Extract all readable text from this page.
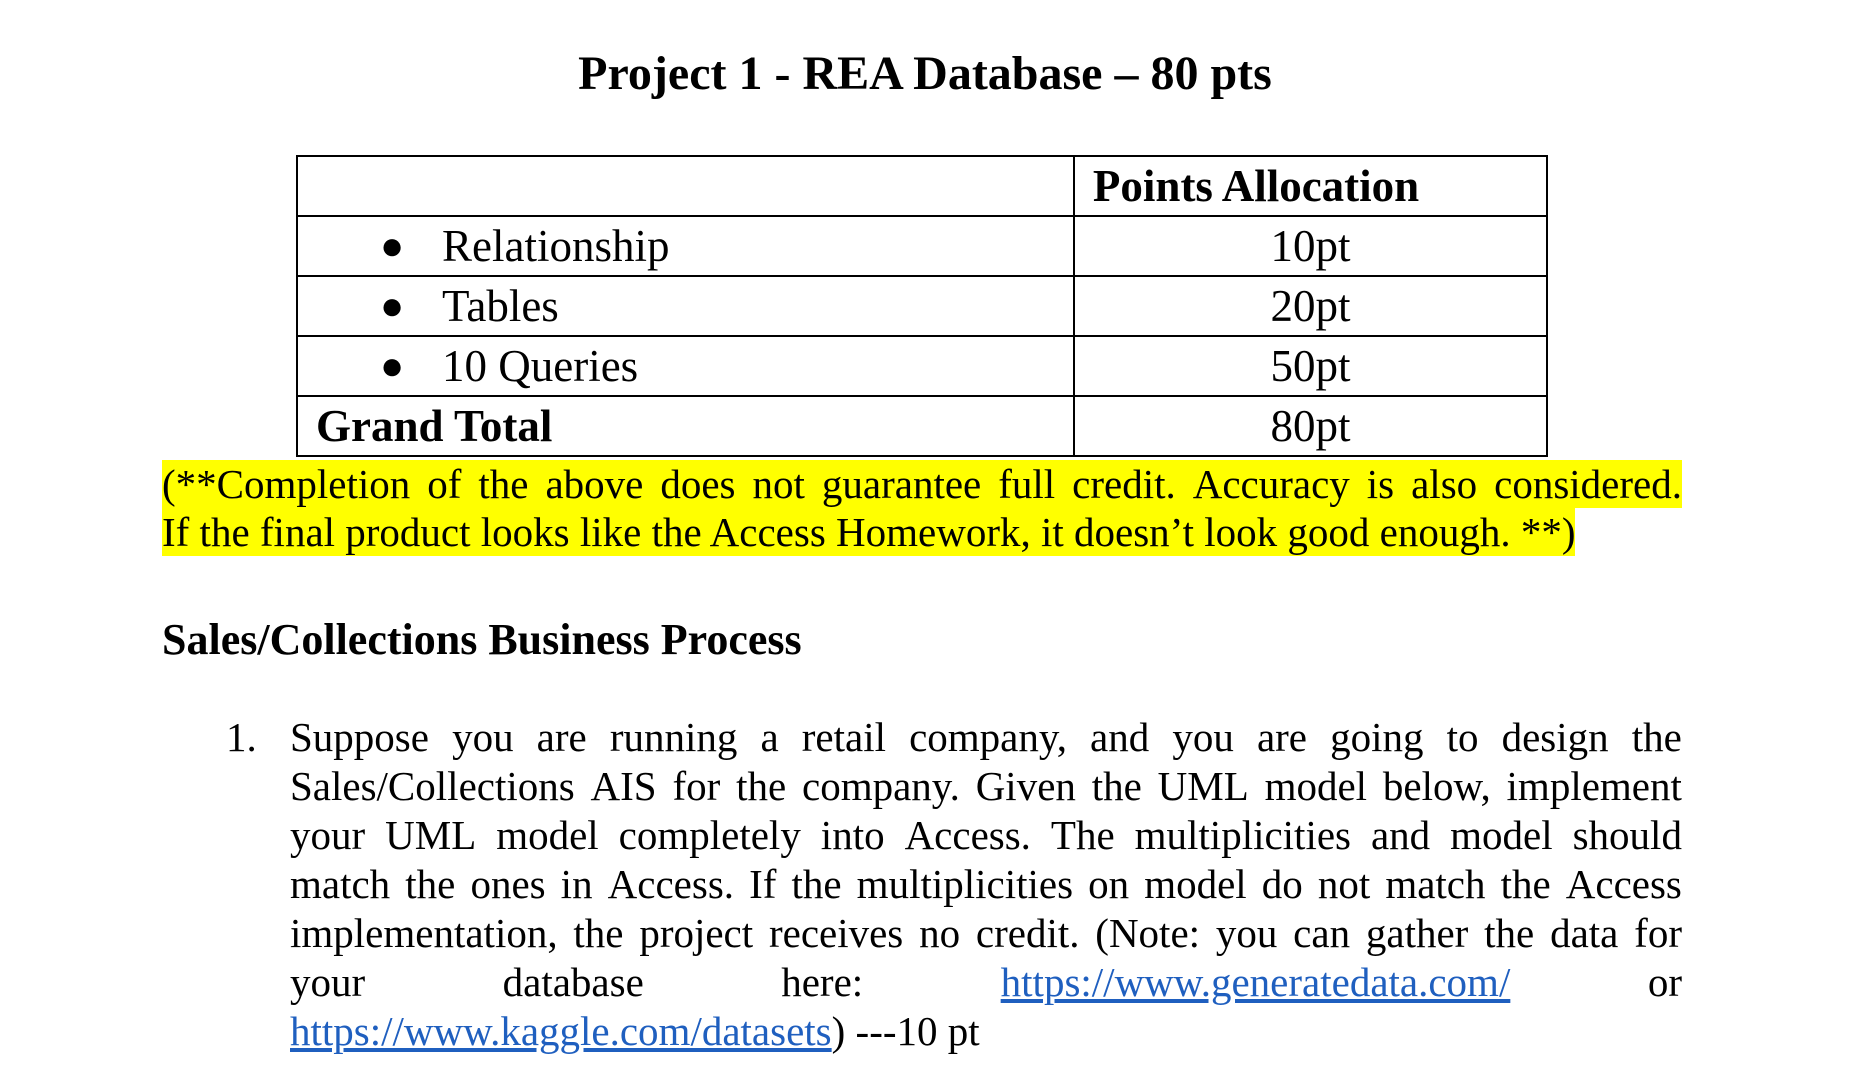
Project 1 - REA Database – 80 pts
	Points Allocation

● Relationship	10pt

● Tables	20pt

● 10 Queries	50pt
Grand Total	80pt
(**Completion of the above does not guarantee full credit. Accuracy is also considered.
If the final product looks like the Access Homework, it doesn’t look good enough. **)
Sales/Collections Business Process
1. Suppose you are running a retail company, and you are going to design the
Sales/Collections AIS for the company. Given the UML model below, implement
your UML model completely into Access. The multiplicities and model should
match the ones in Access. If the multiplicities on model do not match the Access
implementation, the project receives no credit. (Note: you can gather the data for
your	database	here:	https://www.generatedata.com/	or
https://www.kaggle.com/datasets) ---10 pt
